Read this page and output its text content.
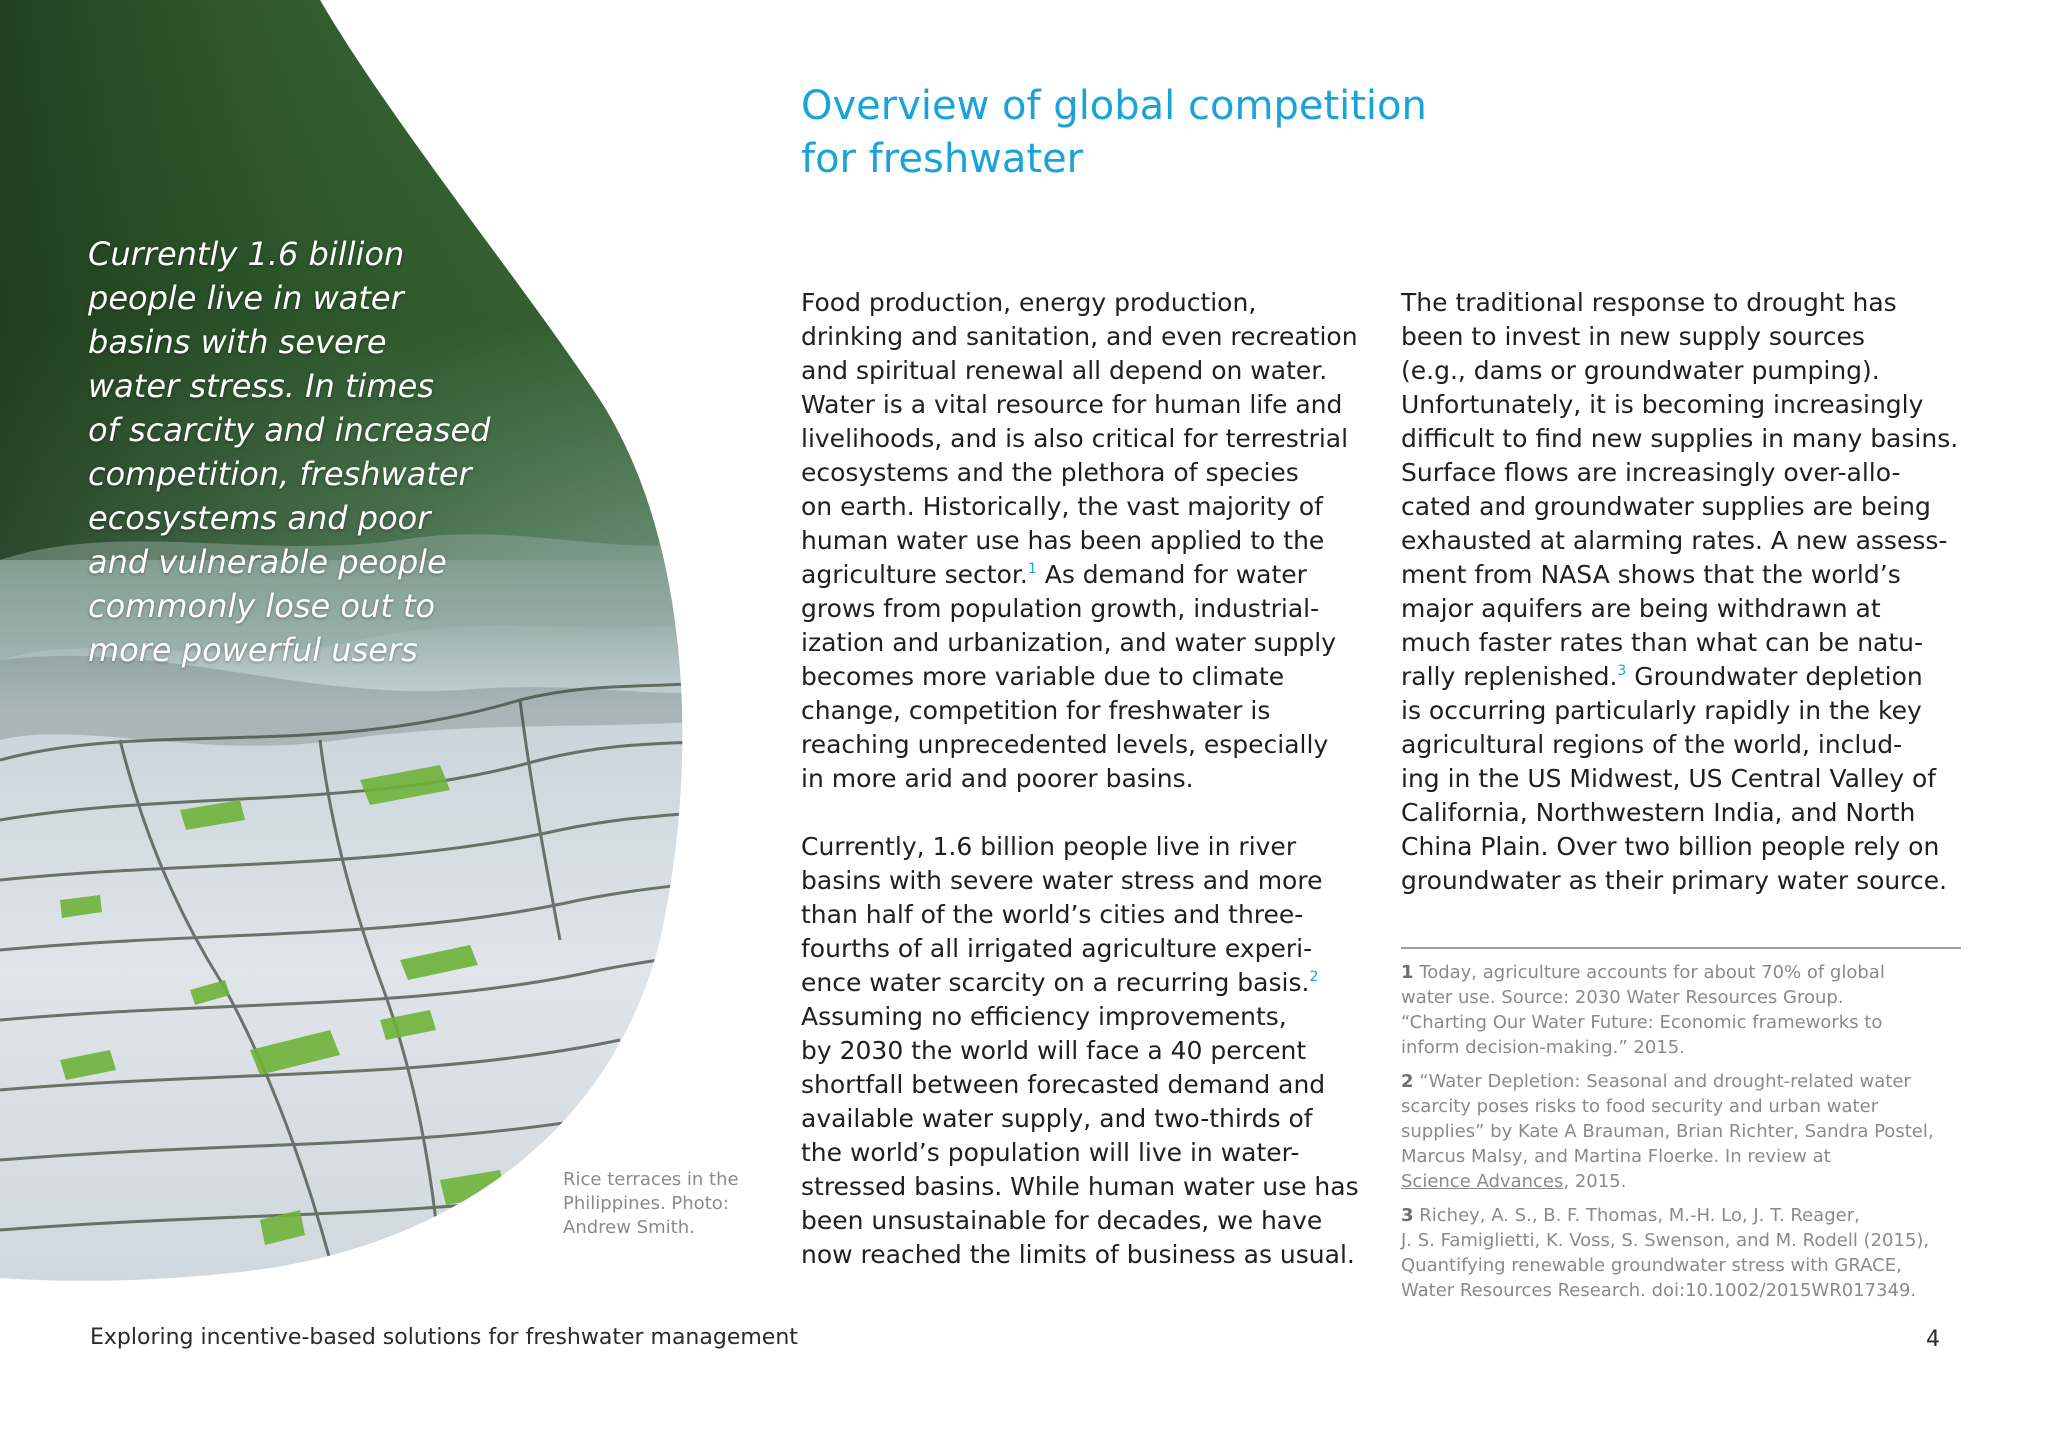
Currently 1.6 billion
people live in water
basins with severe
water stress. In times
of scarcity and increased
competition, freshwater
ecosystems and poor
and vulnerable people
commonly lose out to
more powerful users
Rice terraces in the
Philippines. Photo:
Andrew Smith.
Overview of global competition
for freshwater
Food production, energy production,
drinking and sanitation, and even recreation
and spiritual renewal all depend on water.
Water is a vital resource for human life and
livelihoods, and is also critical for terrestrial
ecosystems and the plethora of species
on earth. Historically, the vast majority of
human water use has been applied to the
agriculture sector.$^1$ As demand for water
grows from population growth, industrial-
ization and urbanization, and water supply
becomes more variable due to climate
change, competition for freshwater is
reaching unprecedented levels, especially
in more arid and poorer basins.
Currently, 1.6 billion people live in river
basins with severe water stress and more
than half of the world’s cities and three-
fourths of all irrigated agriculture experi-
ence water scarcity on a recurring basis.$^2$
Assuming no efficiency improvements,
by 2030 the world will face a 40 percent
shortfall between forecasted demand and
available water supply, and two-thirds of
the world’s population will live in water-
stressed basins. While human water use has
been unsustainable for decades, we have
now reached the limits of business as usual.
The traditional response to drought has
been to invest in new supply sources
(e.g., dams or groundwater pumping).
Unfortunately, it is becoming increasingly
difficult to find new supplies in many basins.
Surface flows are increasingly over-allo-
cated and groundwater supplies are being
exhausted at alarming rates. A new assess-
ment from NASA shows that the world’s
major aquifers are being withdrawn at
much faster rates than what can be natu-
rally replenished.$^3$ Groundwater depletion
is occurring particularly rapidly in the key
agricultural regions of the world, includ-
ing in the US Midwest, US Central Valley of
California, Northwestern India, and North
China Plain. Over two billion people rely on
groundwater as their primary water source.
1 Today, agriculture accounts for about 70% of global
water use. Source: 2030 Water Resources Group.
“Charting Our Water Future: Economic frameworks to
inform decision-making.” 2015.
2 “Water Depletion: Seasonal and drought-related water
scarcity poses risks to food security and urban water
supplies” by Kate A Brauman, Brian Richter, Sandra Postel,
Marcus Malsy, and Martina Floerke. In review at
Science Advances, 2015.
3 Richey, A. S., B. F. Thomas, M.-H. Lo, J. T. Reager,
J. S. Famiglietti, K. Voss, S. Swenson, and M. Rodell (2015),
Quantifying renewable groundwater stress with GRACE,
Water Resources Research. doi:10.1002/2015WR017349.
Exploring incentive-based solutions for freshwater management	4
